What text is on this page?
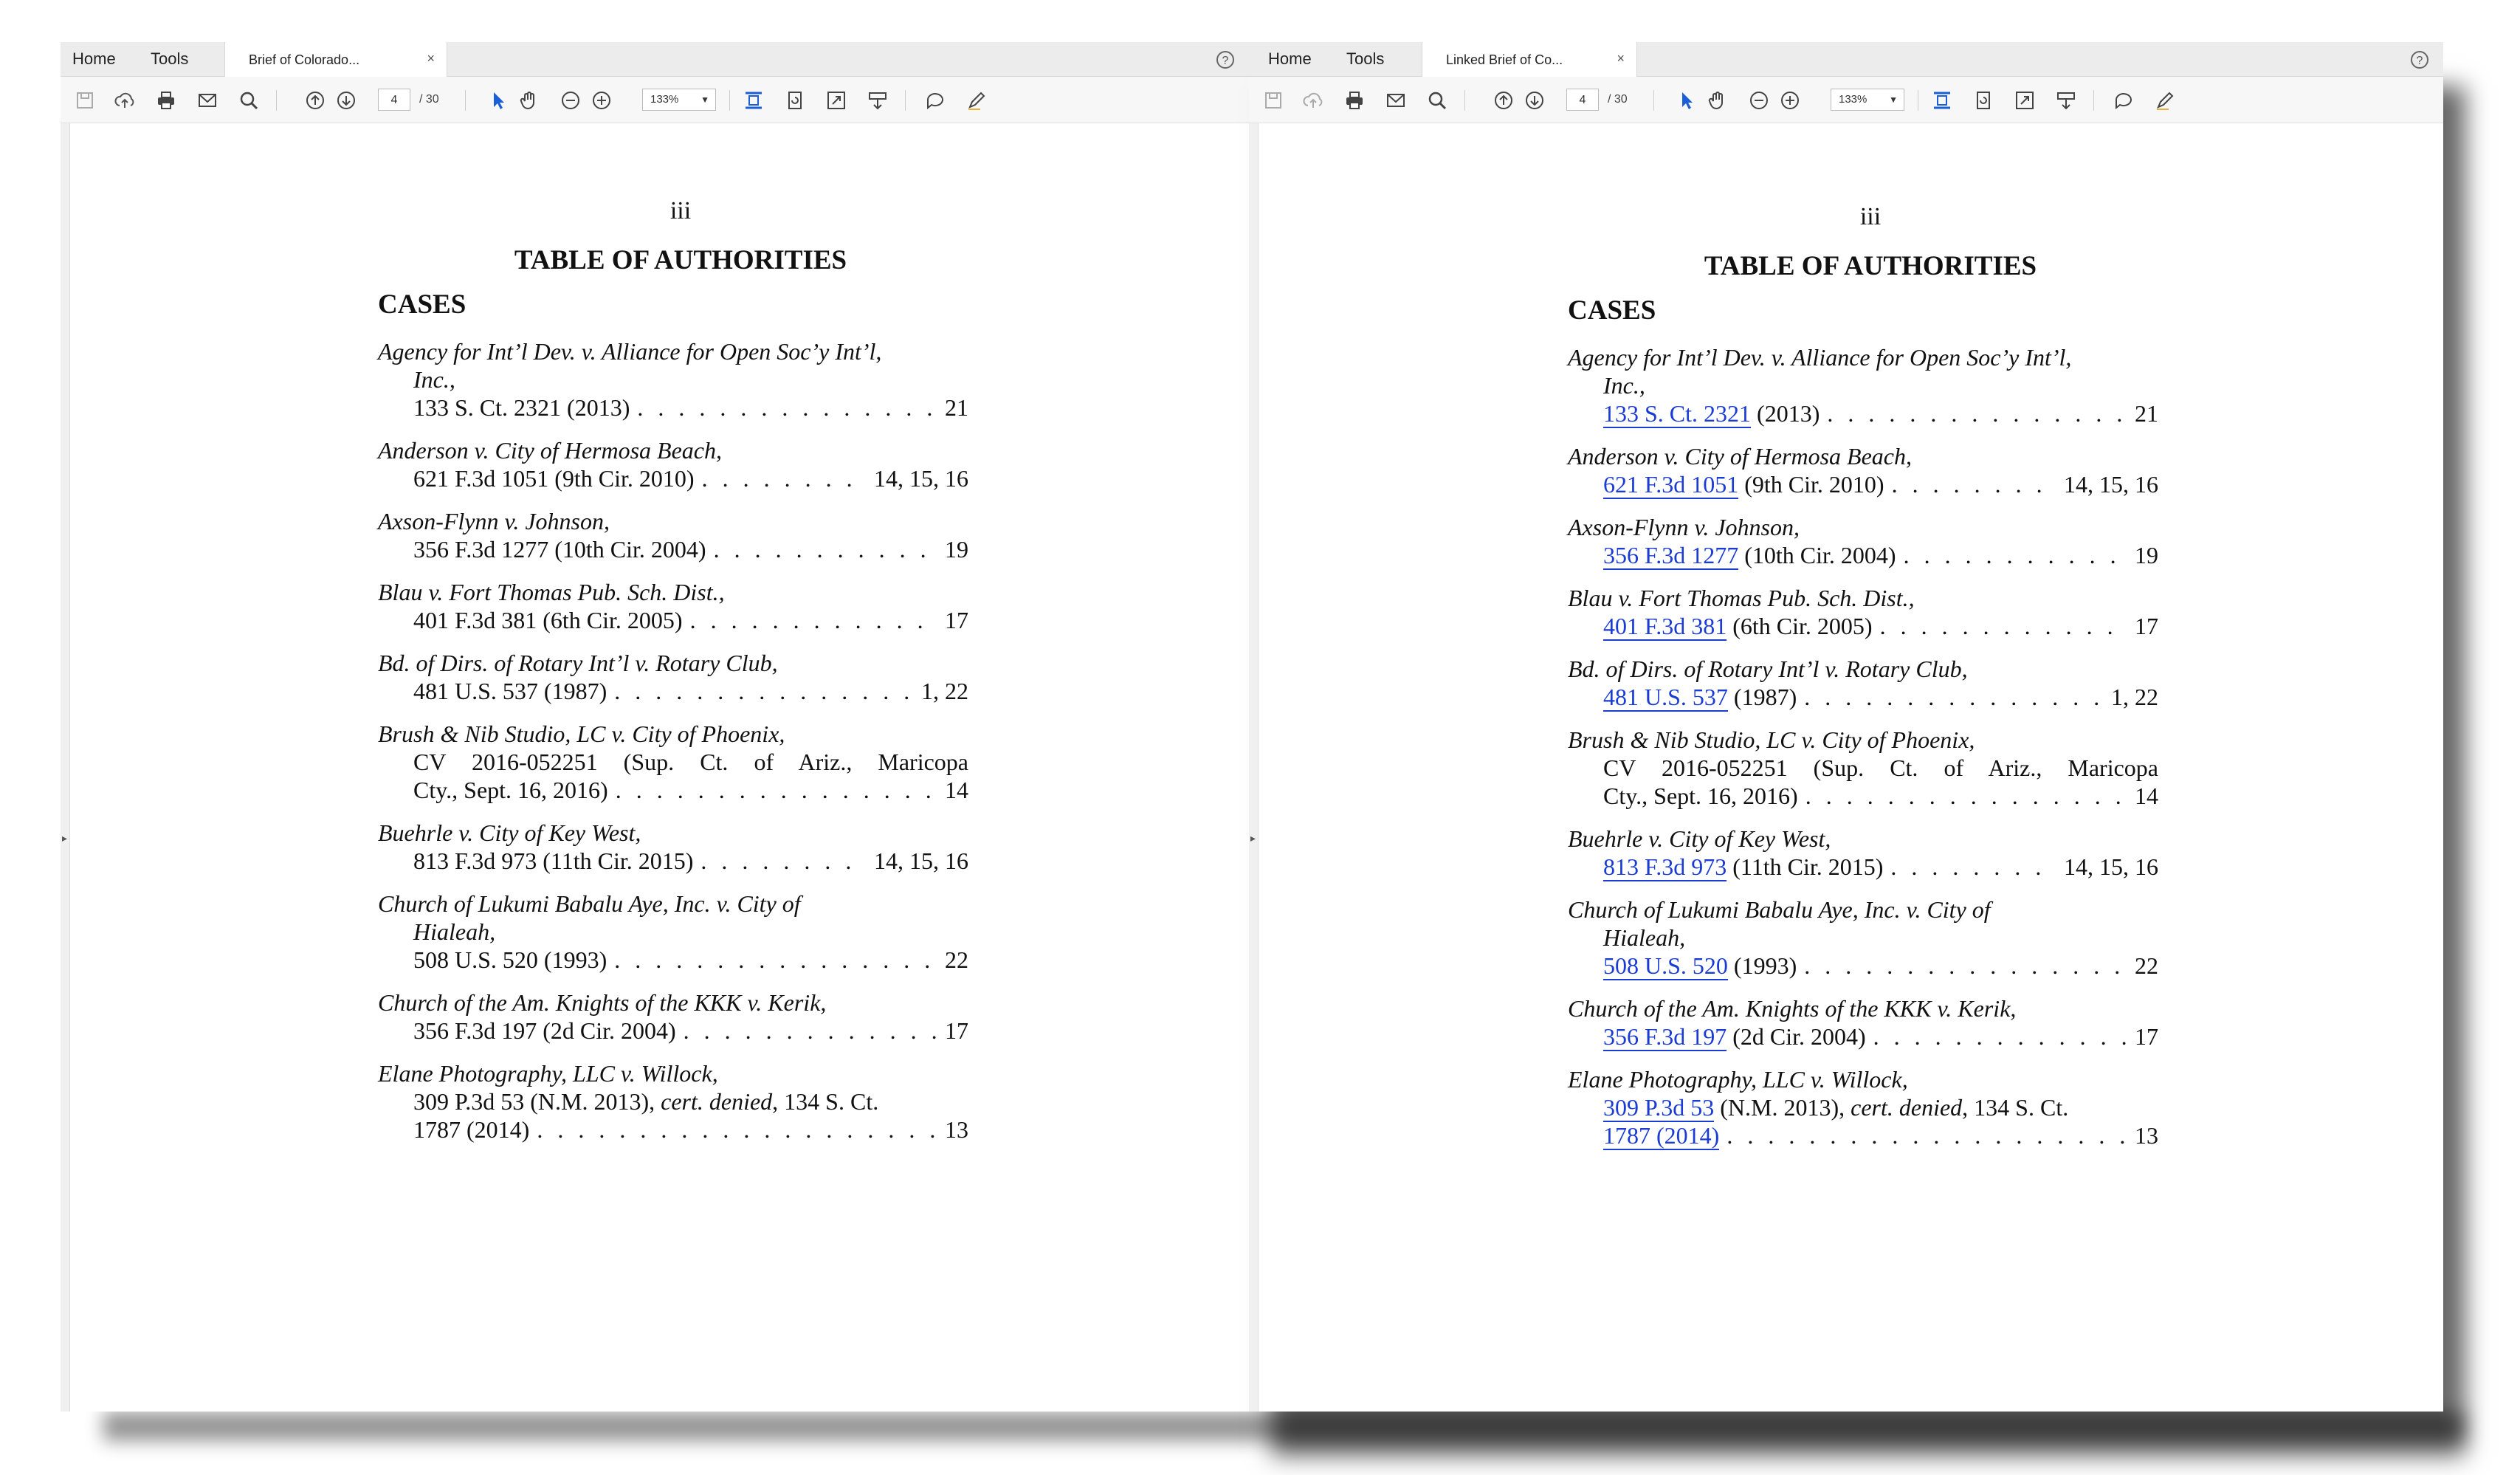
Home Tools	Brief of Colorado...	×	?
4	/ 30	133% ▼
▸
iii
TABLE OF AUTHORITIES
CASES
Agency for Int’l Dev. v. Alliance for Open Soc’y Int’l,
Inc.,
133 S. Ct. 2321 (2013) . . .	21
Anderson v. City of Hermosa Beach,
621 F.3d 1051 (9th Cir. 2010) . . .	14, 15, 16
Axson-Flynn v. Johnson,
356 F.3d 1277 (10th Cir. 2004) . . .	19
Blau v. Fort Thomas Pub. Sch. Dist.,
401 F.3d 381 (6th Cir. 2005) . . .	17
Bd. of Dirs. of Rotary Int’l v. Rotary Club,
481 U.S. 537 (1987) . . .	1, 22
Brush & Nib Studio, LC v. City of Phoenix,
CV 2016-052251 (Sup. Ct. of Ariz., Maricopa
Cty., Sept. 16, 2016) . . .	14
Buehrle v. City of Key West,
813 F.3d 973 (11th Cir. 2015) . . .	14, 15, 16
Church of Lukumi Babalu Aye, Inc. v. City of
Hialeah,
508 U.S. 520 (1993) . . .	22
Church of the Am. Knights of the KKK v. Kerik,
356 F.3d 197 (2d Cir. 2004) . . .	17
Elane Photography, LLC v. Willock,
309 P.3d 53 (N.M. 2013), cert. denied, 134 S. Ct.
1787 (2014) . . .	13
Home Tools	Linked Brief of Co...	×	?
4	/ 30	133% ▼
▸
iii
TABLE OF AUTHORITIES
CASES
Agency for Int’l Dev. v. Alliance for Open Soc’y Int’l,
Inc.,
133 S. Ct. 2321 (2013) . . .	21
Anderson v. City of Hermosa Beach,
621 F.3d 1051 (9th Cir. 2010) . . .	14, 15, 16
Axson-Flynn v. Johnson,
356 F.3d 1277 (10th Cir. 2004) . . .	19
Blau v. Fort Thomas Pub. Sch. Dist.,
401 F.3d 381 (6th Cir. 2005) . . .	17
Bd. of Dirs. of Rotary Int’l v. Rotary Club,
481 U.S. 537 (1987) . . .	1, 22
Brush & Nib Studio, LC v. City of Phoenix,
CV 2016-052251 (Sup. Ct. of Ariz., Maricopa
Cty., Sept. 16, 2016) . . .	14
Buehrle v. City of Key West,
813 F.3d 973 (11th Cir. 2015) . . .	14, 15, 16
Church of Lukumi Babalu Aye, Inc. v. City of
Hialeah,
508 U.S. 520 (1993) . . .	22
Church of the Am. Knights of the KKK v. Kerik,
356 F.3d 197 (2d Cir. 2004) . . .	17
Elane Photography, LLC v. Willock,
309 P.3d 53 (N.M. 2013), cert. denied, 134 S. Ct.
1787 (2014) . . .	13
